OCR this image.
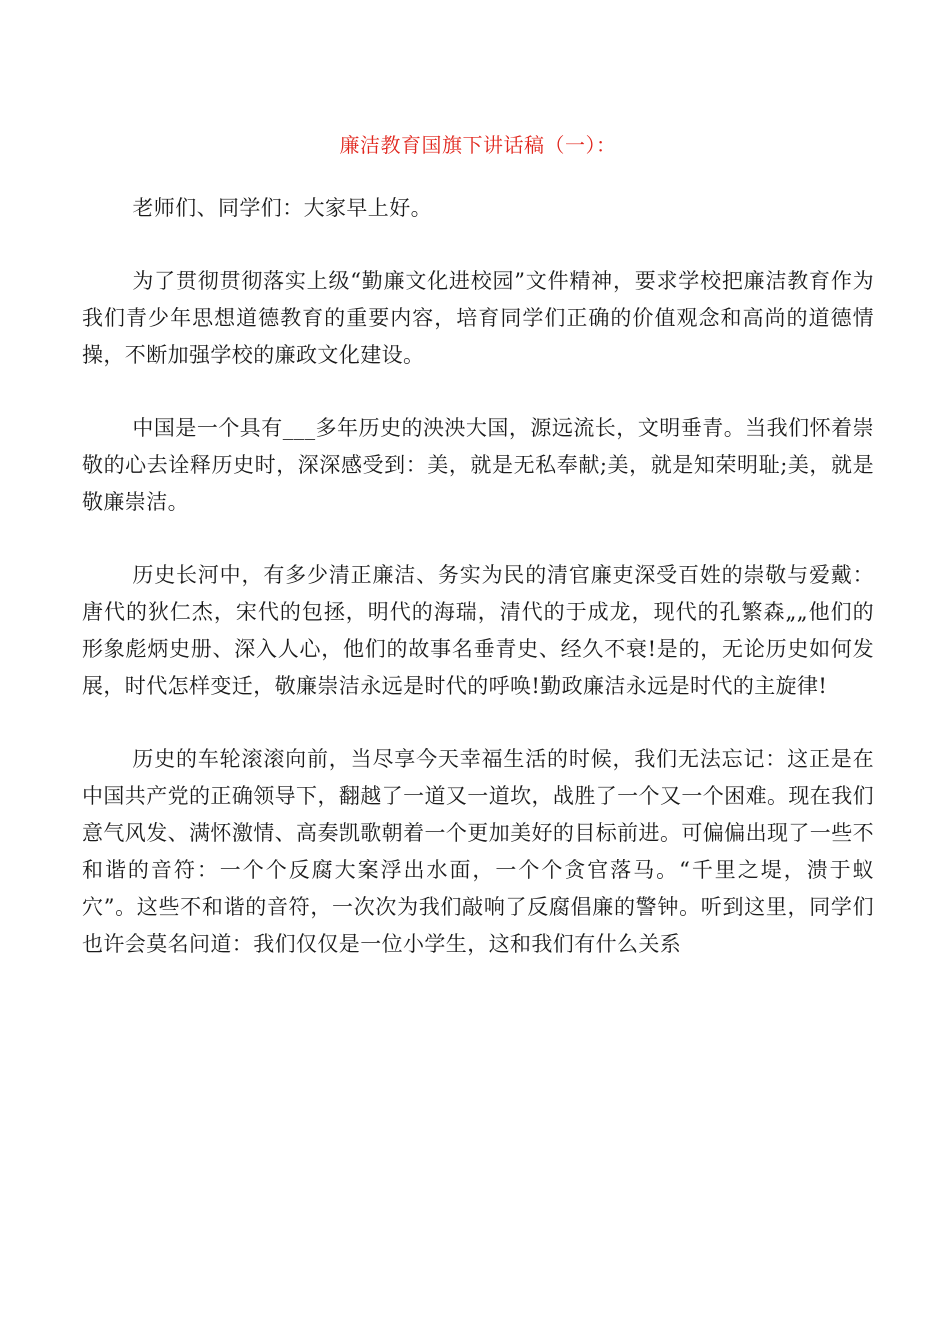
廉洁教育国旗下讲话稿（一）：

老师们、同学们：大家早上好。

为了贯彻贯彻落实上级“勤廉文化进校园”文件精神，要求学校把廉洁教育作为我们青少年思想道德教育的重要内容，培育同学们正确的价值观念和高尚的道德情操，不断加强学校的廉政文化建设。

中国是一个具有___多年历史的泱泱大国，源远流长，文明垂青。当我们怀着崇敬的心去诠释历史时，深深感受到：美，就是无私奉献;美，就是知荣明耻;美，就是敬廉崇洁。

历史长河中，有多少清正廉洁、务实为民的清官廉吏深受百姓的崇敬与爱戴：唐代的狄仁杰，宋代的包拯，明代的海瑞，清代的于成龙，现代的孔繁森„„他们的形象彪炳史册、深入人心，他们的故事名垂青史、经久不衰!是的，无论历史如何发展，时代怎样变迁，敬廉崇洁永远是时代的呼唤!勤政廉洁永远是时代的主旋律!

历史的车轮滚滚向前，当尽享今天幸福生活的时候，我们无法忘记：这正是在中国共产党的正确领导下，翻越了一道又一道坎，战胜了一个又一个困难。现在我们意气风发、满怀激情、高奏凯歌朝着一个更加美好的目标前进。可偏偏出现了一些不和谐的音符：一个个反腐大案浮出水面，一个个贪官落马。“千里之堤，溃于蚁穴”。这些不和谐的音符，一次次为我们敲响了反腐倡廉的警钟。听到这里，同学们也许会莫名问道：我们仅仅是一位小学生，这和我们有什么关系
